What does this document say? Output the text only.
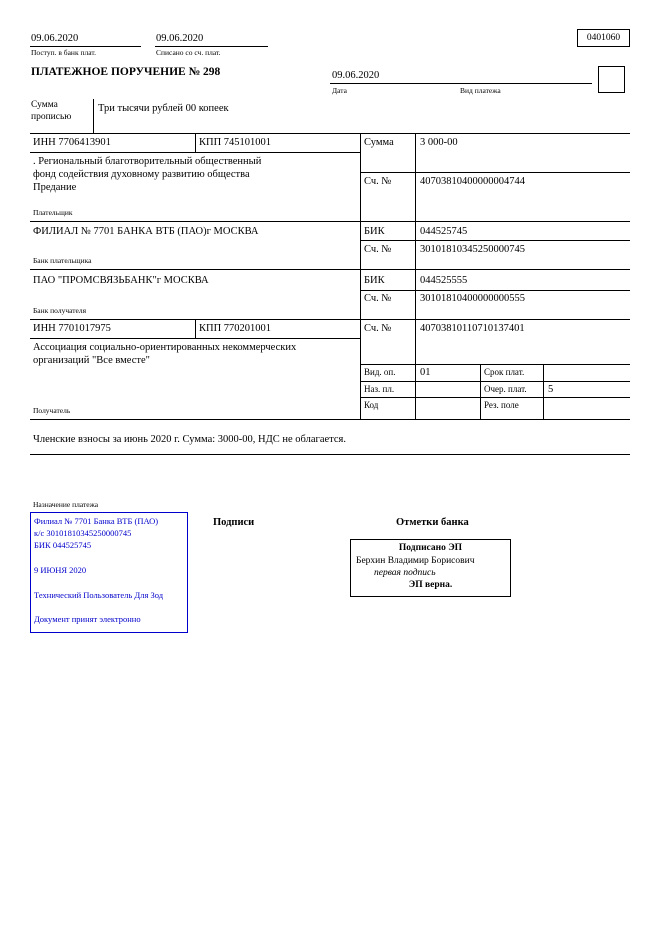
09.06.2020
Поступ. в банк плат.
09.06.2020
Списано со сч. плат.
0401060
ПЛАТЕЖНОЕ ПОРУЧЕНИЕ № 298	09.06.2020
Дата	Вид платежа
Сумма прописью
Три тысячи рублей 00 копеек
ИНН 7706413901	КПП 745101001	Сумма	3 000-00
. Региональный благотворительный общественный фонд содействия духовному развитию общества Предание
Сч. №	40703810400000004744
Плательщик
ФИЛИАЛ № 7701 БАНКА ВТБ (ПАО)г МОСКВА	БИК	044525745
Сч. №	30101810345250000745
Банк плательщика
ПАО "ПРОМСВЯЗЬБАНК"г МОСКВА	БИК	044525555
Сч. №	30101810400000000555
Банк получателя
ИНН 7701017975	КПП 770201001	Сч. №	40703810110710137401
Ассоциация социально-ориентированных некоммерческих организаций "Все вместе"
Вид. оп. 01	Срок плат.
Наз. пл.	Очер. плат. 5
Код	Рез. поле
Получатель
Членские взносы за июнь 2020 г. Сумма: 3000-00, НДС не облагается.
Назначение платежа
Филиал № 7701 Банка ВТБ (ПАО)
к/с 30101810345250000745
БИК 044525745
9 ИЮНЯ 2020
Технический Пользователь Для Зод
Документ принят электронно
Подписи	Отметки банка
Подписано ЭП
Берхин Владимир Борисович
первая подпись
ЭП верна.
